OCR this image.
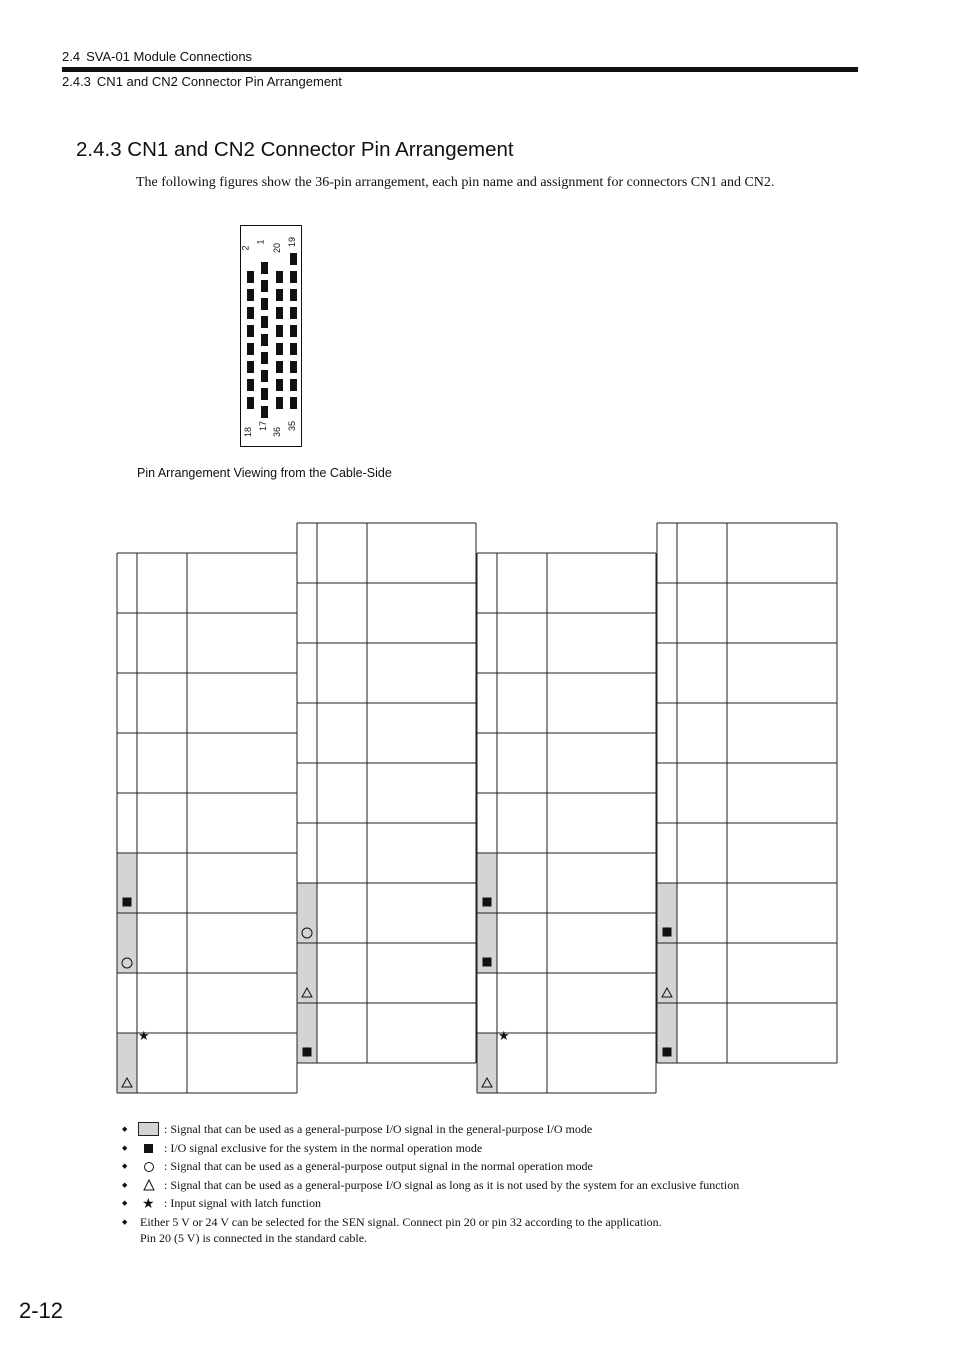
2.4 SVA-01 Module Connections
2.4.3 CN1 and CN2 Connector Pin Arrangement
2.4.3 CN1 and CN2 Connector Pin Arrangement
The following figures show the 36-pin arrangement, each pin name and assignment for connectors CN1 and CN2.
2
1
20
19
18
17
36
35
Pin Arrangement Viewing from the Cable-Side
★	★
◆	: Signal that can be used as a general-purpose I/O signal in the general-purpose I/O mode
◆	: I/O signal exclusive for the system in the normal operation mode
◆	: Signal that can be used as a general-purpose output signal in the normal operation mode
◆	: Signal that can be used as a general-purpose I/O signal as long as it is not used by the system for an exclusive function
◆ ★ : Input signal with latch function
◆ Either 5 V or 24 V can be selected for the SEN signal. Connect pin 20 or pin 32 according to the application.
Pin 20 (5 V) is connected in the standard cable.
2-12
